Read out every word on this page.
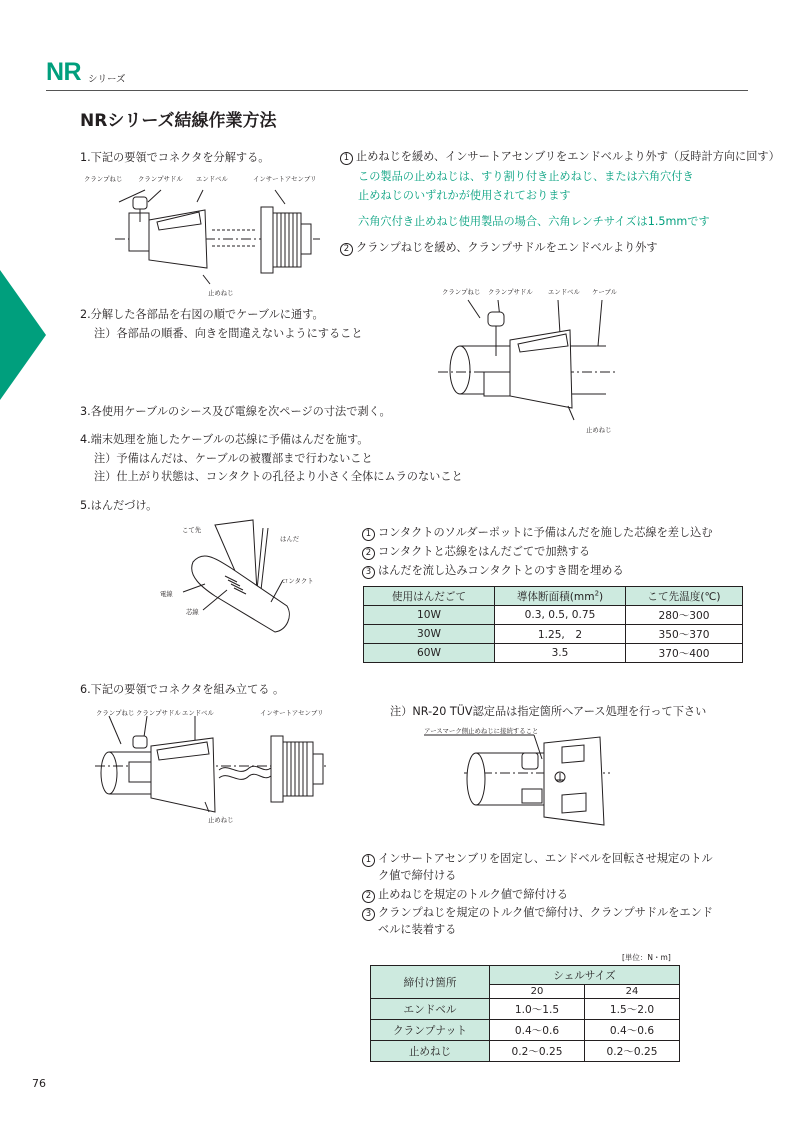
NR シリーズ
NRシリーズ結線作業方法
1.下記の要領でコネクタを分解する。
クランプねじ クランプサドル エンドベル	インサートアセンブリ
止めねじ
1 止めねじを緩め、インサートアセンブリをエンドベルより外す（反時計方向に回す）
この製品の止めねじは、すり割り付き止めねじ、または六角穴付き
止めねじのいずれかが使用されております
六角穴付き止めねじ使用製品の場合、六角レンチサイズは1.5mmです
2 クランプねじを緩め、クランプサドルをエンドベルより外す
2.分解した各部品を右図の順でケーブルに通す。
注）各部品の順番、向きを間違えないようにすること
クランプねじ クランプサドル エンドベル ケーブル
止めねじ
3.各使用ケーブルのシース及び電線を次ページの寸法で剥く。
4.端末処理を施したケーブルの芯線に予備はんだを施す。
注）予備はんだは、ケーブルの被覆部まで行わないこと
注）仕上がり状態は、コンタクトの孔径より小さく全体にムラのないこと
5.はんだづけ。
こて先
はんだ
コンタクト
電線
芯線
1 コンタクトのソルダーポットに予備はんだを施した芯線を差し込む
2 コンタクトと芯線をはんだごてで加熱する
3 はんだを流し込みコンタクトとのすき間を埋める
使用はんだごて	導体断面積$(mm^2)$	こて先温度(℃)
10W	0.3, 0.5, 0.75	280〜300
30W	1.25,　2	350〜370
60W	3.5	370〜400
6.下記の要領でコネクタを組み立てる 。
クランプねじ クランプサドル エンドベル	インサートアセンブリ
止めねじ
注）NR-20 TÜV認定品は指定箇所へアース処理を行って下さい
アースマーク側止めねじに接続すること
1 インサートアセンブリを固定し、エンドベルを回転させ規定のトル
ク値で締付ける
2 止めねじを規定のトルク値で締付ける
3 クランプねじを規定のトルク値で締付け、クランプサドルをエンド
ベルに装着する
[単位：N・m]
締付け箇所	シェルサイズ	
	20	24
エンドベル	1.0〜1.5	1.5〜2.0
クランプナット	0.4〜0.6	0.4〜0.6
止めねじ	0.2〜0.25	0.2〜0.25
76
